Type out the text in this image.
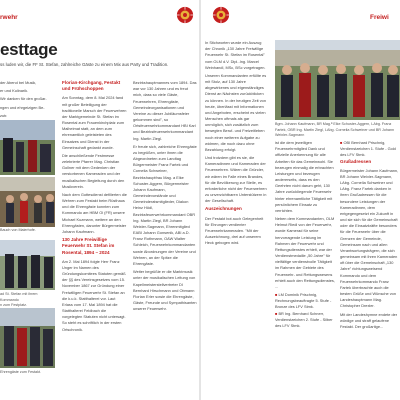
rwehr	Freiwi
esttage
ss luden wir, die FF St. Stefan, zahlreiche Gäste zu einem Mix aus Party und Tradition.

der Abend bei Musik,

er und Kulinarik.

Wir danken für den großar-

ngen und ehrgeizigen Be-

zutr.

Bauch von Maierhofe.

ad St. Stefan mit ihrem Kommando

n zum Festplatz.

Ehrengäste zum Festakt.
Florian-Kirchgang, Festakt und Frühschoppen

Am Sonntag, dem 8. Mai 2024 fand mit großer Beteiligung der traditionelle Marsch der Feuerwehren der Marktgemeinde St. Stefan im Rosental zum Frauenkirchplatz zum Maiheimat statt, an dem zum ehrenamtlich geleisteten des Einsatzes und Dienst in der Gemeinschaft gedankt wurde.

Die anschließende Festmesse zelebrierte Pfarrer Mag. Christian Gollner mit dem Gedenken der verstorbenen Kameraden und der musikalischen Begleitung durch den Musikverein.

Nach dem Gottesdienst defilierten die Wehren zum Festakt beim Rüsthaus und die Ehrengäste konnten zum Kommando am HBM Ol (FR) unsere Michael Kuzmann, weitere an den Ehrengästen, darunter Bürgermeister Johann Kaufmann.

130 Jahre Freiwillige Feuerwehr St. Stefan im Rosental, 1894 – 2024

Am 2. Mai 1894 folgte Herr Franz Unger im Namen des Gründungskomitees Statuten gemäß der §§ des Vereinsgesetzes vom 15. November 1867 zur Gründung einer Freiwilligen Feuerwehr St. Stefan an die k.u.k. Statthalterei vor. Laut Erlass vom 17. Mai 1894 hat die Statthalterei Feldbach die vorgelegten Statuten nicht untersagt. So steht es schriftlich in der ersten Ortschronik.

Bezirkshauptmannes vom 1894. Das war vor 130 Jahren und es freut mich, dass so viele Gäste, Feuerwehren, Ehrengäste, Gemeindeorganisationen und Vereine zu dieser Jubiläumsfeier gekommen sind", so Ortsfeuerwehrkommandant HBI Karl und Bezirksfeuerwehrkommandant Ing. Martin Ziegl.

Er freute sich, zahlreiche Ehrengäste zu begrüßen, unter ihnen die Abgeordneten zum Landtag Bürgermeister Franz Fartek und Cornelia Schweiner, Bezirkshauptfrau Mag. a Elke Schuster-Aggern, Bürgermeister Johann Kaufmann, Gemeindevorstände und Gemeinderatsmitglieder, Diakon Heinz Hödl, Bezirksfeuerwehrkommandant OBR Ing. Martin Ziegl, BR Johann Weixler-Sagmann, Ehrenmitglied EABI Johann Gonsenik, ABI a.D. Franz Rothmann, OAW Walter Schleich, Feuerwehrkommandanten sowie Abordnungen der Vereine und Wehren, an der Spitze die Ehrengäste.

Weiter begrüßte er die Marktmusik unter der musikalischen Leitung von Kapellmeisterstellvertreter DI Bernhard Hirschmann und Obmann Florian Erler sowie die Ehrengäste, Gäste, Freunde und Sympathisanten unserer Feuerwehr.

In Stichworten wurde ein Auszug der Chronik „130 Jahre Freiwillige Feuerwehr St. Stefan im Rosental" vom OLM d.V. Dipl.-Ing. Marcel Weinhandl, MSc, BSc vorgetragen.

Unseren Kommandanten erfüllte es mit Stolz, auf 130 Jahre abgewirkenes und eigenständiges Dienst an Nächsten zurückblicken zu können. In der heutigen Zeit von heute, überlässt mit Informationen und Angeboten, erscheint es vielen Menschen oftmals als gar unmöglich, sich zusätzlich zum bewegten Beruf- und Freizeitleben noch einer weiteren Aufgabe zu widmen, die noch dazu ohne Bezahlung erfolgt.

Und trotzdem gibt es sie, die Kameradinnen und Kameraden der Feuerwehren. Wären die Gründer, wir wären im Falle eines Brandes, für die Bevölkerung zur Stelle, es erforderliche nicht der Feuerwehren zu unverzichtbaren Unterstützern in der Gesellschaft.

Auszeichnungen

Der Festakt bot auch Gelegenheit für Ehrungen verdienter Feuerwehrkameraden. "Mit der Auszeichnung, drei auf unserem Heck gebogen wird.

Bgm. Johann Kaufmann, BR Mag.ª Elke Schuster-Aggern, LAbg. Franz Fartek, OBR Ing. Martin Ziegl, LAbg. Cornelia Schweiner und BR Johann Weixler-Sagmann

ist die dem jeweiligen Feuerwehrmitglied Dank und offizielle Anerkennung für alle Arbeiten für das Gemeinwohl. Sie bezeugen einmalig die erbrachten Leistungen und bezeugen andererseits, dass es den Geehrten nicht darum geht, 130 Jahre zurückliegende Feuerwehr hinter ehrenamtliche Tätigkeit mit persönlichem Einsatz zu verrichten.

Neben dem Kommandanten, OLM Helmut Riedl von der Feuerwehr, wurde Kamerad für seine hervorragende Leistung im Rahmen der Feuerwehr und Rettungsdienstes erhielt, war der Verdienstmedaille „50 Jahre" für vielfältige verdienstvolle Tätigkeit im Rahmen der Gebiete des Feuerwehr- und Rettungswesens erhielt auch den Rettungsdienstes, ...

■ LM Dominik Prischnig, Rechnungsbeauftragte 5. Stufe - Bronze des LFV Stmk.

■ BR Ing. Bernhard Schnerr, Verdienstzeichen 2. Stufe - Silber des LFV Stmk.

■ OBI Bernhard Prischnig, Verdienstzeichen 1. Stufe - Gold des LFV Stmk.

Grußadressen

Bürgermeister Johann Kaufmann, BR Johann Weixler-Sagmann, LAbg. Cornelia Schweiner und LAbg. Franz Fartek danken in ihren Grußadressen für die besondere Leistungen der Kameradinnen, dem entgegengesetzt ein Zukunft in und sie sich für die Gemeinschaft oder die Einsatzkräfte besonders für die Feuerwehr über die Grenzen der Gemeinde, Gemeinsam nach und allen Verantwortungsträgern, die sich gemeinsam mit ihren Kameraden oft über die Gemeinschaft „130 Jahre" richtungsweisend Kommando und dem Feuerwehrkommando Franz Fartek überbrachte auch die besten Grüße und Wünsche von Landeshauptmann Mag. Christopher Drexler.

Mit der Landeshymne endete der würdige und straff gelaufene Festakt. Der großartige...
